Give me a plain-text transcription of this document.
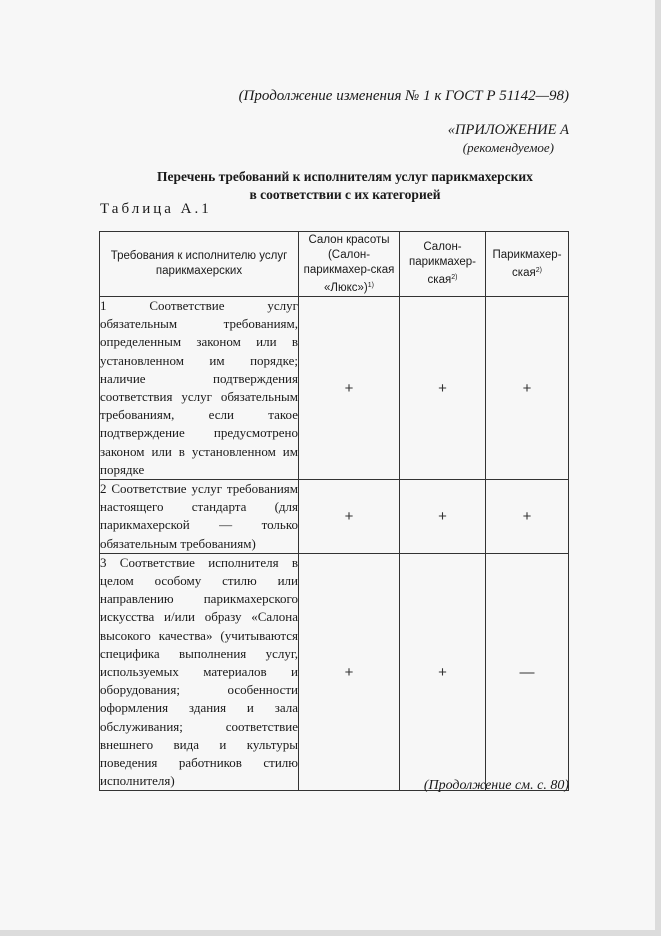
(Продолжение изменения № 1 к ГОСТ Р 51142—98)
«ПРИЛОЖЕНИЕ А
(рекомендуемое)
Перечень требований к исполнителям услуг парикмахерских
в соответствии с их категорией
Таблица А.1
Требования к исполнителю услуг парикмахерских	Салон красоты (Салон-парикмахер-ская «Люкс»)$^{1)}$	Салон-парикмахер-ская$^{2)}$	Парикмахер-ская$^{2)}$
1 Соответствие услуг обязательным требованиям, определенным законом или в установленном им порядке; наличие подтверждения соответствия услуг обязательным требованиям, если такое подтверждение предусмотрено законом или в установленном им порядке	+	+	+
2 Соответствие услуг требованиям настоящего стандарта (для парикмахерской — только обязательным требованиям)	+	+	+
3 Соответствие исполнителя в целом особому стилю или направлению парикмахерского искусства и/или образу «Салона высокого качества» (учитываются специфика выполнения услуг, используемых материалов и оборудования; особенности оформления здания и зала обслуживания; соответствие внешнего вида и культуры поведения работников стилю исполнителя)	+	+	—
(Продолжение см. с. 80)
